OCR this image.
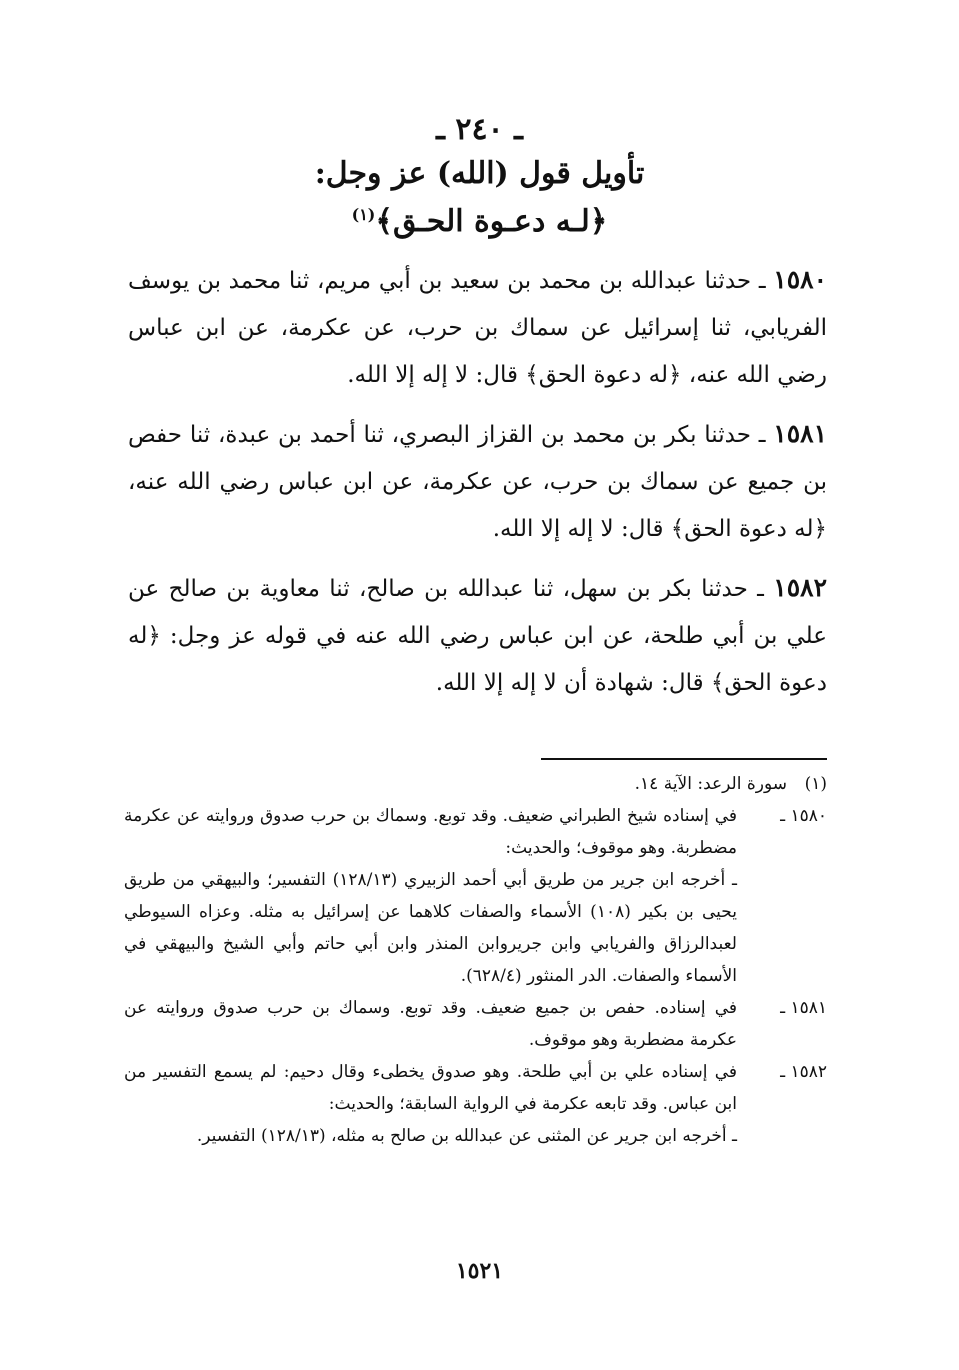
ـ ٢٤٠ ـ
تأويل قول (الله) عز وجل:
﴿لـه دعـوة الحـق﴾$^{(١)}$
١٥٨٠ ـ حدثنا عبدالله بن محمد بن سعيد بن أبي مريم، ثنا محمد بن يوسف الفريابي، ثنا إسرائيل عن سماك بن حرب، عن عكرمة، عن ابن عباس رضي الله عنه، ﴿له دعوة الحق﴾ قال: لا إله إلا الله.
١٥٨١ ـ حدثنا بكر بن محمد بن القزاز البصري، ثنا أحمد بن عبدة، ثنا حفص بن جميع عن سماك بن حرب، عن عكرمة، عن ابن عباس رضي الله عنه، ﴿له دعوة الحق﴾ قال: لا إله إلا الله.
١٥٨٢ ـ حدثنا بكر بن سهل، ثنا عبدالله بن صالح، ثنا معاوية بن صالح عن علي بن أبي طلحة، عن ابن عباس رضي الله عنه في قوله عز وجل: ﴿له دعوة الحق﴾ قال: شهادة أن لا إله إلا الله.
(١)

سورة الرعد: الآية ١٤.

١٥٨٠ ـ

في إسناده شيخ الطبراني ضعيف. وقد توبع. وسماك بن حرب صدوق وروايته عن عكرمة مضطربة. وهو موقوف؛ والحديث:

ـ أخرجه ابن جرير من طريق أبي أحمد الزبيري (١٢٨/١٣) التفسير؛ والبيهقي من طريق يحيى بن بكير (١٠٨) الأسماء والصفات كلاهما عن إسرائيل به مثله. وعزاه السيوطي لعبدالرزاق والفريابي وابن جريروابن المنذر وابن أبي حاتم وأبي الشيخ والبيهقي في الأسماء والصفات. الدر المنثور (٦٢٨/٤).

١٥٨١ ـ

في إسناده. حفص بن جميع ضعيف. وقد توبع. وسماك بن حرب صدوق وروايته عن عكرمة مضطربة وهو موقوف.

١٥٨٢ ـ

في إسناده علي بن أبي طلحة. وهو صدوق يخطىء وقال دحيم: لم يسمع التفسير من ابن عباس. وقد تابعه عكرمة في الرواية السابقة؛ والحديث:

ـ أخرجه ابن جرير عن المثنى عن عبدالله بن صالح به مثله، (١٢٨/١٣) التفسير.

١٥٢١
